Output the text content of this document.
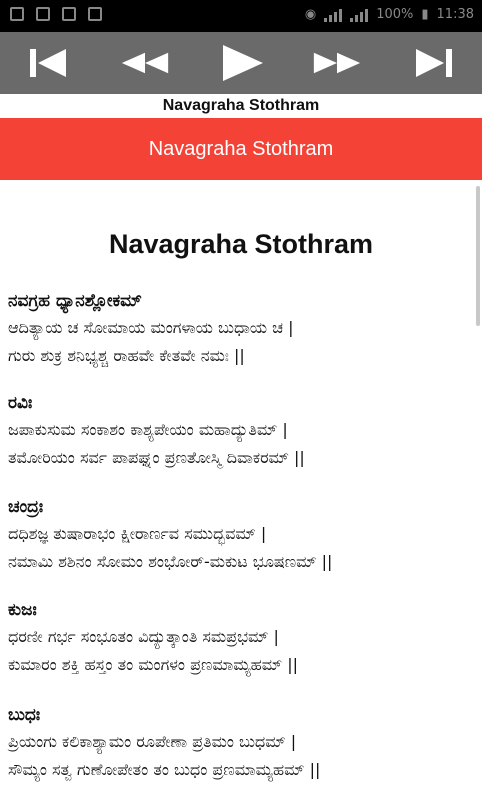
◉	100% ▮ 11:38
Navagraha Stothram
Navagraha Stothram
Navagraha Stothram
ನವಗ್ರಹ ಧ್ಯಾನಶ್ಲೋಕಮ್
ಆದಿತ್ಯಾಯ ಚ ಸೋಮಾಯ ಮಂಗಳಾಯ ಬುಧಾಯ ಚ |
ಗುರು ಶುಕ್ರ ಶನಿಭ್ಯಶ್ಚ ರಾಹವೇ ಕೇತವೇ ನಮಃ ||
ರವಿಃ
ಜಪಾಕುಸುಮ ಸಂಕಾಶಂ ಕಾಶ್ಯಪೇಯಂ ಮಹಾದ್ಯುತಿಮ್ |
ತಮೋರಿಯಂ ಸರ್ವ ಪಾಪಘ್ನಂ ಪ್ರಣತೋಸ್ಮಿ ದಿವಾಕರಮ್ ||
ಚಂದ್ರಃ
ದಧಿಶಜ್ಞ ತುಷಾರಾಭಂ ಕ್ಷೀರಾರ್ಣವ ಸಮುದ್ಭವಮ್ |
ನಮಾಮಿ ಶಶಿನಂ ಸೋಮಂ ಶಂಭೋರ್-ಮಕುಟ ಭೂಷಣಮ್ ||
ಕುಜಃ
ಧರಣೀ ಗರ್ಭ ಸಂಭೂತಂ ವಿದ್ಯುತ್ಕಾಂತಿ ಸಮಪ್ರಭಮ್ |
ಕುಮಾರಂ ಶಕ್ತಿ ಹಸ್ತಂ ತಂ ಮಂಗಳಂ ಪ್ರಣಮಾಮ್ಯಹಮ್ ||
ಬುಧಃ
ಪ್ರಿಯಂಗು ಕಲಿಕಾಶ್ಯಾಮಂ ರೂಪೇಣಾ ಪ್ರತಿಮಂ ಬುಧಮ್ |
ಸೌಮ್ಯಂ ಸತ್ವ ಗುಣೋಪೇತಂ ತಂ ಬುಧಂ ಪ್ರಣಮಾಮ್ಯಹಮ್ ||
